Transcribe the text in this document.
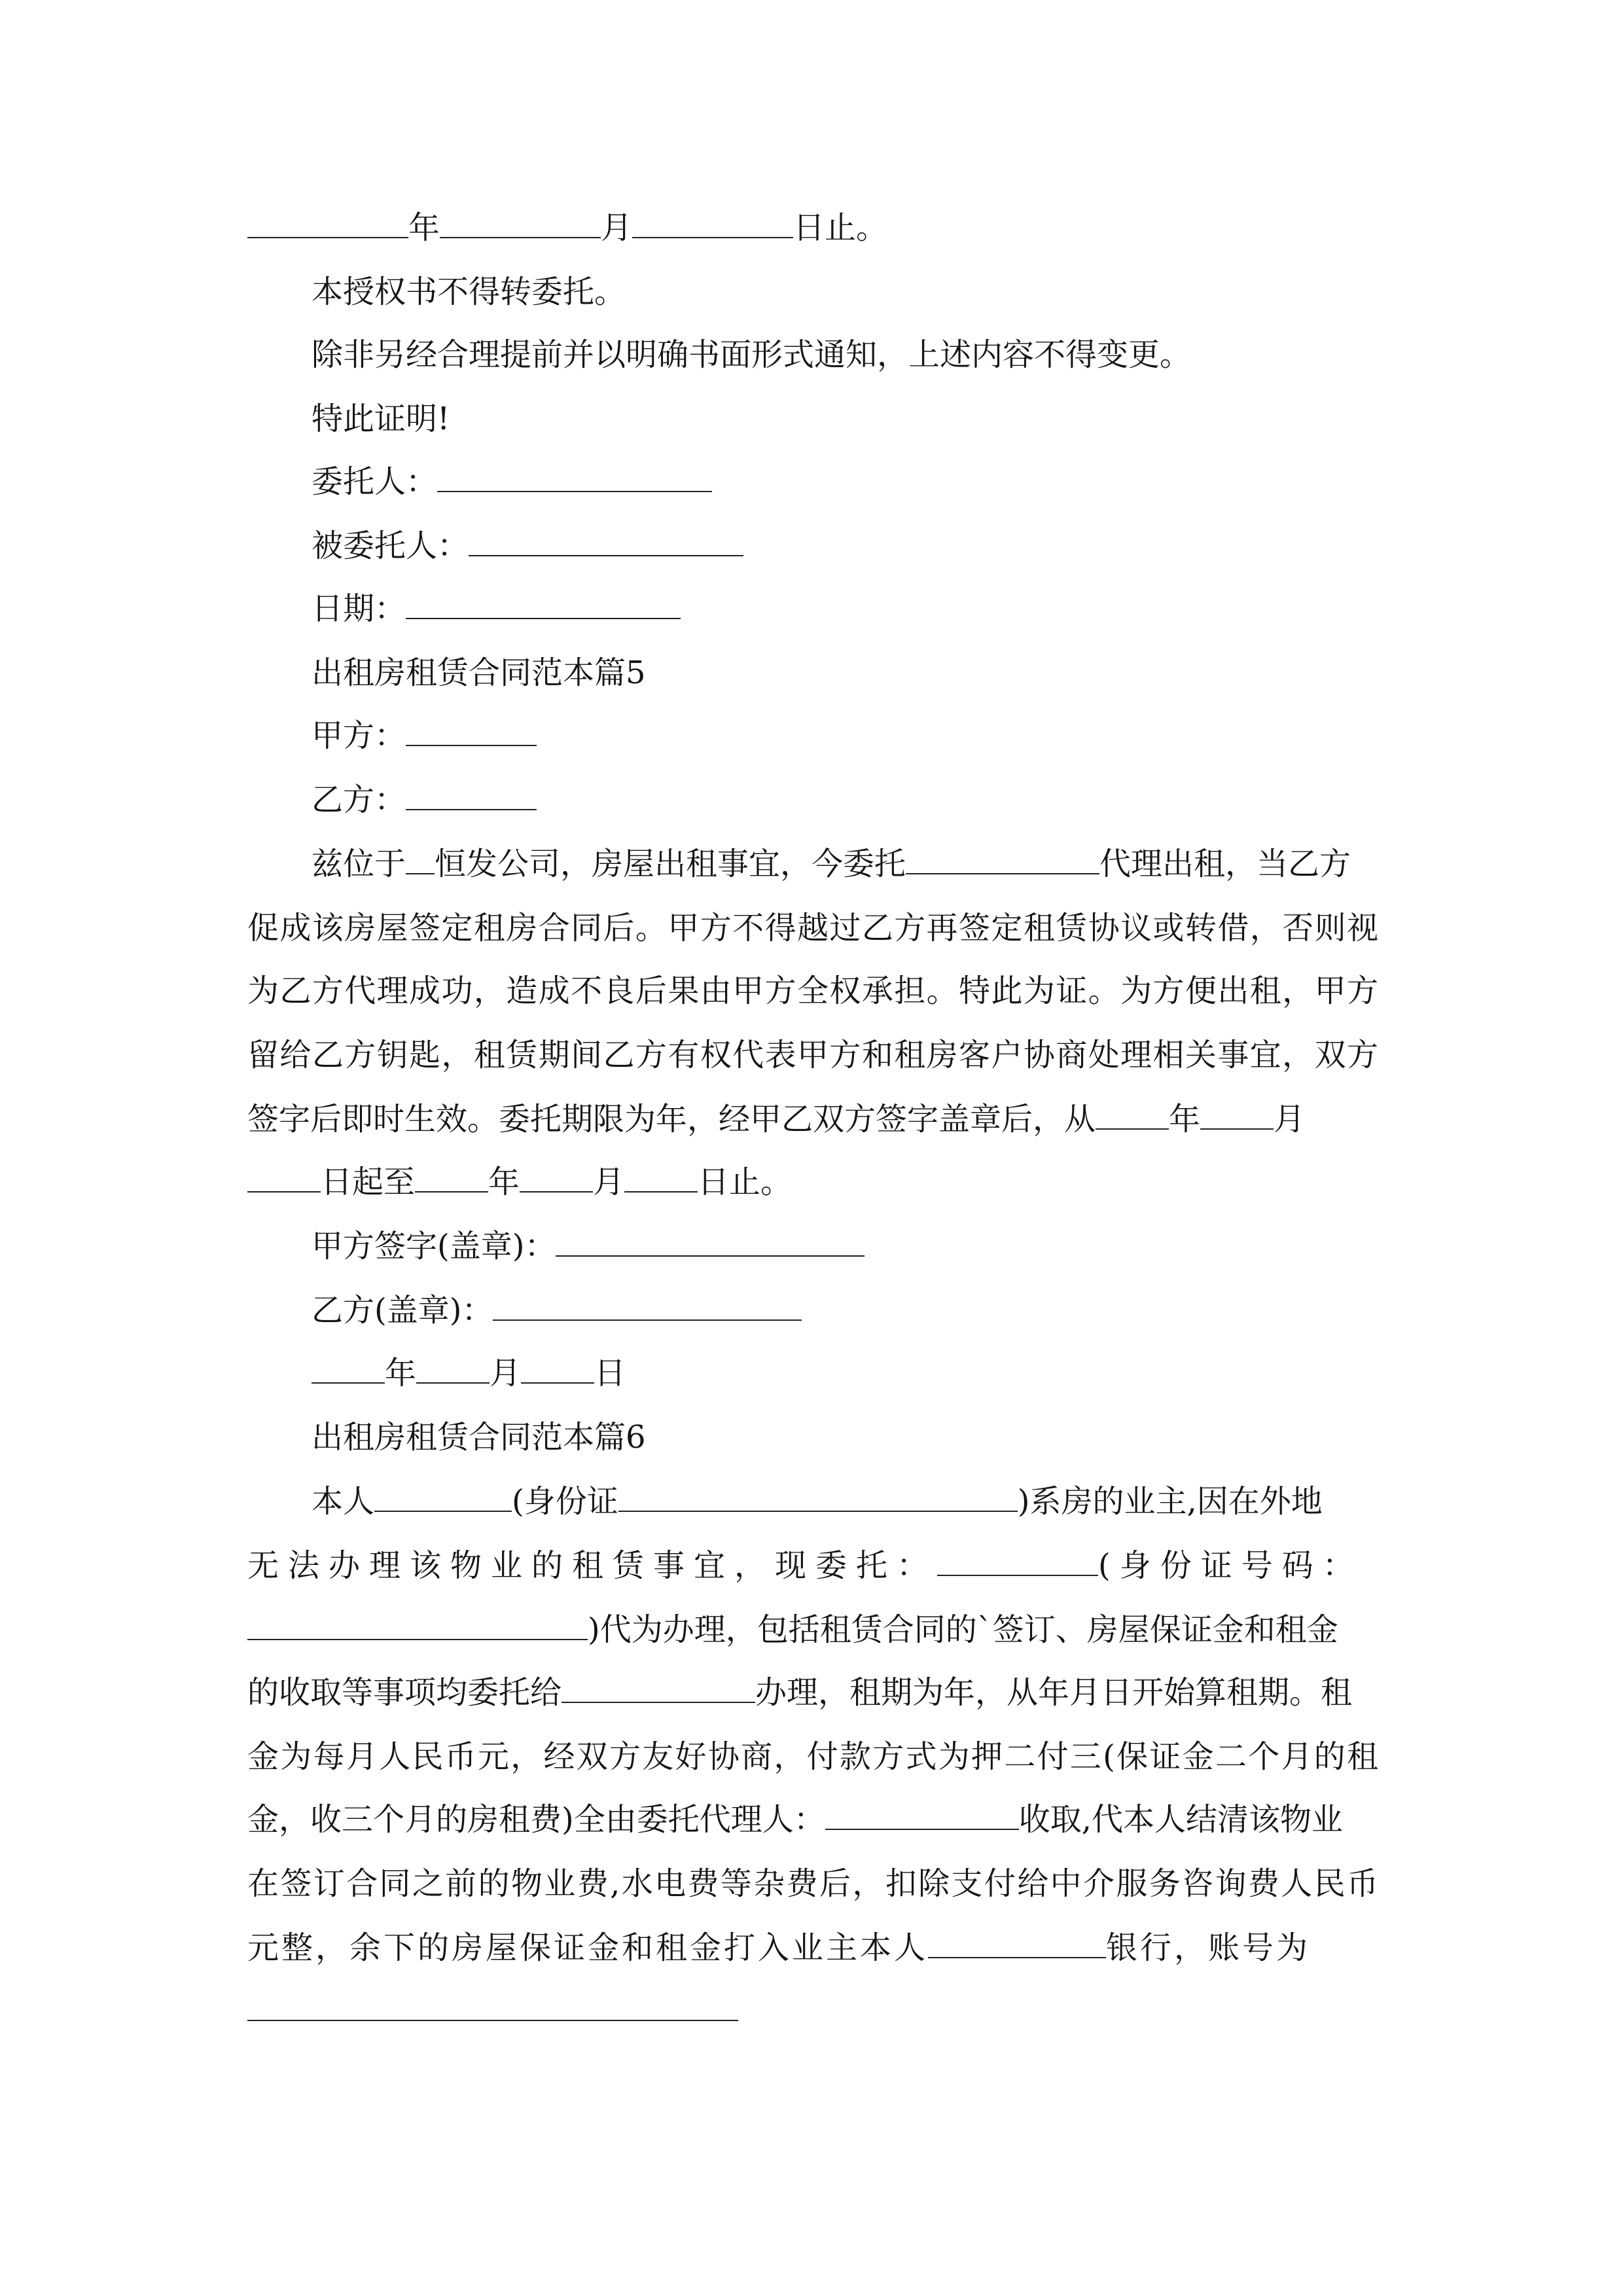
年	月	日止。
本授权书不得转委托。
除非另经合理提前并以明确书面形式通知，上述内容不得变更。
特此证明!
委托人：
被委托人：
日期：
出租房租赁合同范本篇5
甲方：
乙方：
兹位于 恒发公司，房屋出租事宜，今委托	代理出租，当乙方
促成该房屋签定租房合同后。甲方不得越过乙方再签定租赁协议或转借，否则视
为乙方代理成功，造成不良后果由甲方全权承担。特此为证。为方便出租，甲方
留给乙方钥匙，租赁期间乙方有权代表甲方和租房客户协商处理相关事宜，双方
签字后即时生效。委托期限为年，经甲乙双方签字盖章后，从 年 月
日起至 年 月 日止。
甲方签字(盖章)：
乙方(盖章)：
年 月 日
出租房租赁合同范本篇6
本人	(身份证	)系房的业主,因在外地
无法办理该物业的租赁事宜，现委托：	(身份证号码：
)代为办理，包括租赁合同的`签订、房屋保证金和租金
的收取等事项均委托给	办理，租期为年，从年月日开始算租期。租
金为每月人民币元，经双方友好协商，付款方式为押二付三(保证金二个月的租
金，收三个月的房租费)全由委托代理人：	收取,代本人结清该物业
在签订合同之前的物业费,水电费等杂费后，扣除支付给中介服务咨询费人民币
元整，余下的房屋保证金和租金打入业主本人	银行，账号为
